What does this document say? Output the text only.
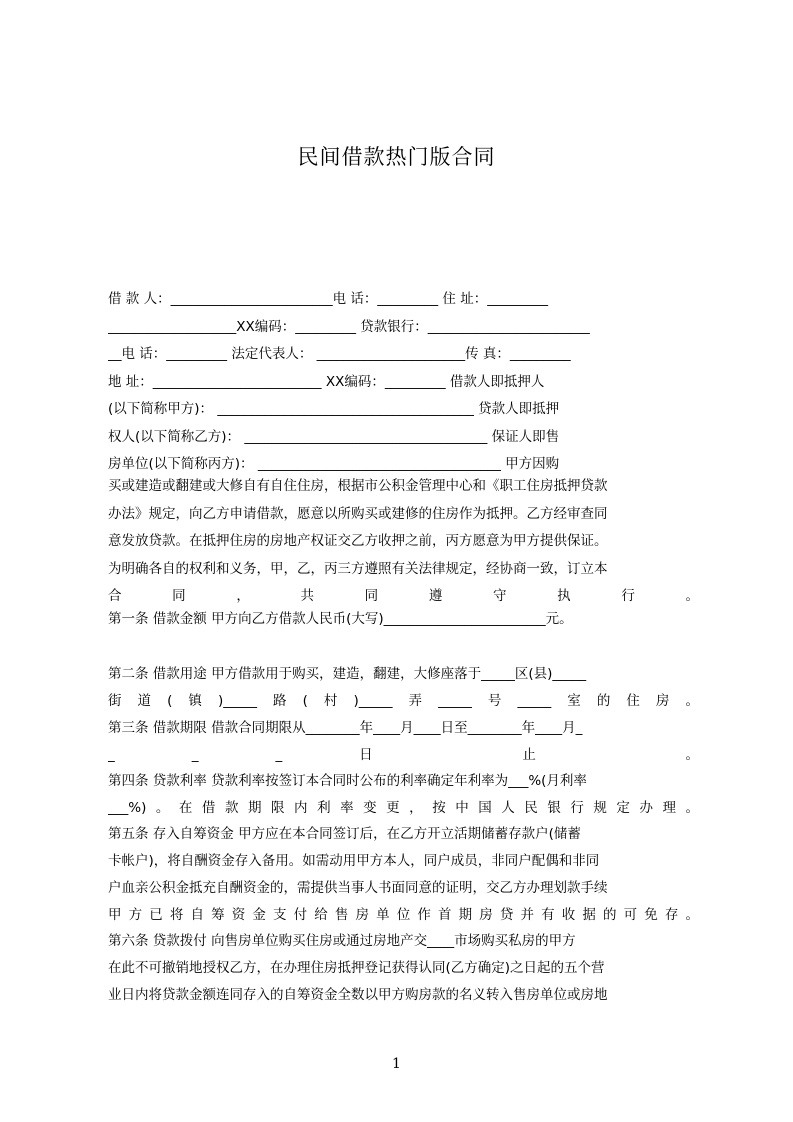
民间借款热门版合同
借 款 人：________________________电 话：_________ 住 址：_________
___________________XX编码：_________ 贷款银行：________________________
__电 话：_________ 法定代表人： ______________________传 真：_________
地 址：_________________________ XX编码：_________ 借款人即抵押人
(以下简称甲方)： ______________________________________ 贷款人即抵押
权人(以下简称乙方)： ____________________________________ 保证人即售
房单位(以下简称丙方)： ____________________________________ 甲方因购
买或建造或翻建或大修自有自住住房，根据市公积金管理中心和《职工住房抵押贷款
办法》规定，向乙方申请借款，愿意以所购买或建修的住房作为抵押。乙方经审查同
意发放贷款。在抵押住房的房地产权证交乙方收押之前，丙方愿意为甲方提供保证。
为明确各自的权利和义务，甲，乙，丙三方遵照有关法律规定，经协商一致，订立本
合 同 ， 共 同 遵 守 执 行 。
第一条 借款金额 甲方向乙方借款人民币(大写)________________________元。
第二条 借款用途 甲方借款用于购买，建造，翻建，大修座落于_____区(县)_____
街道(镇)_____路(村)_____弄_____号_____室的住房。
第三条 借款期限 借款合同期限从________年____月____日至________年____月_
_ _ _ 日 止 。
第四条 贷款利率 贷款利率按签订本合同时公布的利率确定年利率为___%(月利率
___%)。在借款期限内利率变更，按中国人民银行规定办理。
第五条 存入自筹资金 甲方应在本合同签订后，在乙方开立活期储蓄存款户(储蓄
卡帐户)，将自酬资金存入备用。如需动用甲方本人，同户成员，非同户配偶和非同
户血亲公积金抵充自酬资金的，需提供当事人书面同意的证明，交乙方办理划款手续
甲方已将自筹资金支付给售房单位作首期房贷并有收据的可免存。
第六条 贷款拨付 向售房单位购买住房或通过房地产交____市场购买私房的甲方
在此不可撤销地授权乙方，在办理住房抵押登记获得认同(乙方确定)之日起的五个营
业日内将贷款金额连同存入的自筹资金全数以甲方购房款的名义转入售房单位或房地
1
